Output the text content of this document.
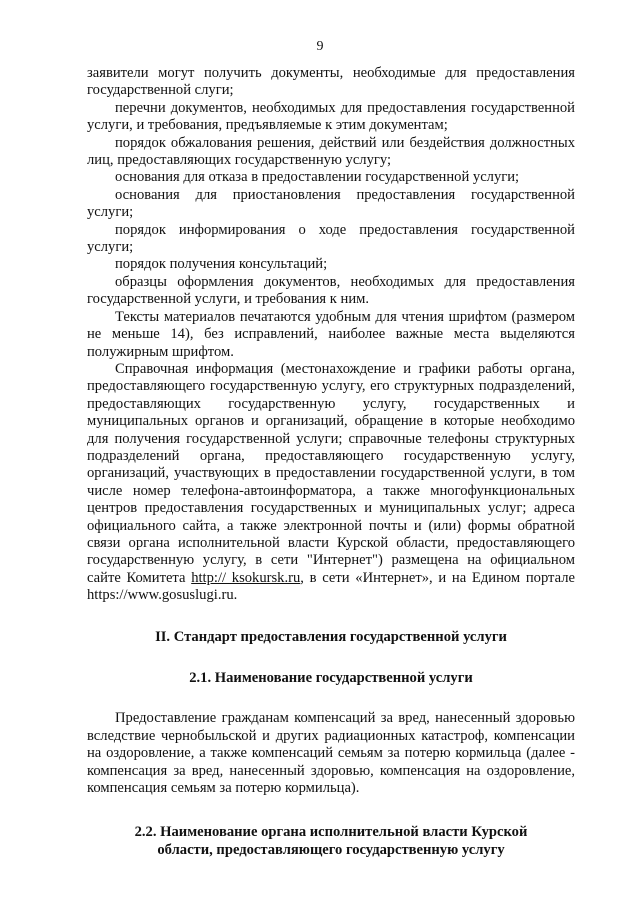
9

заявители могут получить документы, необходимые для предоставления государственной слуги;

перечни документов, необходимых для предоставления государственной услуги, и требования, предъявляемые к этим документам;

порядок обжалования решения, действий или бездействия должностных лиц, предоставляющих государственную услугу;

основания для отказа в предоставлении государственной услуги;

основания для приостановления предоставления государственной услуги;

порядок информирования о ходе предоставления государственной услуги;

порядок получения консультаций;

образцы оформления документов, необходимых для предоставления государственной услуги, и требования к ним.

Тексты материалов печатаются удобным для чтения шрифтом (размером не меньше 14), без исправлений, наиболее важные места выделяются полужирным шрифтом.

Справочная информация (местонахождение и графики работы органа, предоставляющего государственную услугу, его структурных подразделений, предоставляющих государственную услугу, государственных и муниципальных органов и организаций, обращение в которые необходимо для получения государственной услуги; справочные телефоны структурных подразделений органа, предоставляющего государственную услугу, организаций, участвующих в предоставлении государственной услуги, в том числе номер телефона-автоинформатора, а также многофункциональных центров предоставления государственных и муниципальных услуг; адреса официального сайта, а также электронной почты и (или) формы обратной связи органа исполнительной власти Курской области, предоставляющего государственную услугу, в сети "Интернет") размещена на официальном сайте Комитета http:// ksokursk.ru, в сети «Интернет», и на Едином портале https://www.gosuslugi.ru.

II. Стандарт предоставления государственной услуги
2.1. Наименование государственной услуги

Предоставление гражданам компенсаций за вред, нанесенный здоровью вследствие чернобыльской и других радиационных катастроф, компенсации на оздоровление, а также компенсаций семьям за потерю кормильца (далее - компенсация за вред, нанесенный здоровью, компенсация на оздоровление, компенсация семьям за потерю кормильца).

2.2. Наименование органа исполнительной власти Курской
области, предоставляющего государственную услугу
